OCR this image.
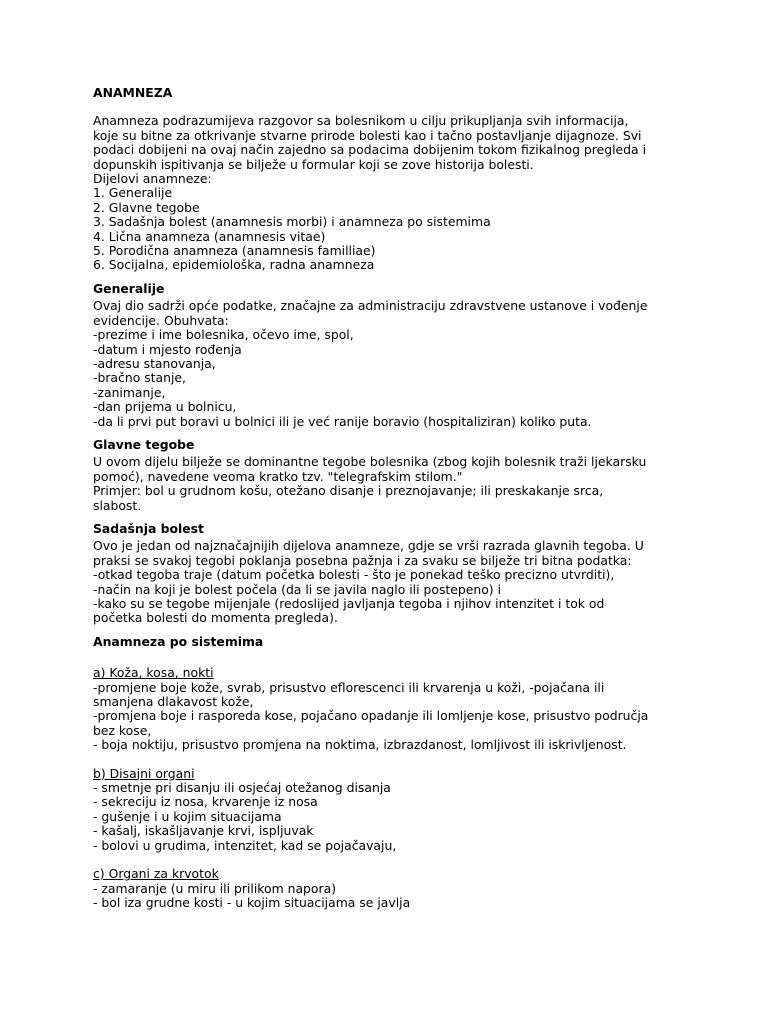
ANAMNEZA
Anamneza podrazumijeva razgovor sa bolesnikom u cilju prikupljanja svih informacija,
koje su bitne za otkrivanje stvarne prirode bolesti kao i tačno postavljanje dijagnoze. Svi
podaci dobijeni na ovaj način zajedno sa podacima dobijenim tokom fizikalnog pregleda i
dopunskih ispitivanja se bilježe u formular koji se zove historija bolesti.
Dijelovi anamneze:
1. Generalije
2. Glavne tegobe
3. Sadašnja bolest (anamnesis morbi) i anamneza po sistemima
4. Lična anamneza (anamnesis vitae)
5. Porodična anamneza (anamnesis familliae)
6. Socijalna, epidemiološka, radna anamneza
Generalije
Ovaj dio sadrži opće podatke, značajne za administraciju zdravstvene ustanove i vođenje
evidencije. Obuhvata:
-prezime i ime bolesnika, očevo ime, spol,
-datum i mjesto rođenja
-adresu stanovanja,
-bračno stanje,
-zanimanje,
-dan prijema u bolnicu,
-da li prvi put boravi u bolnici ili je već ranije boravio (hospitaliziran) koliko puta.
Glavne tegobe
U ovom dijelu bilježe se dominantne tegobe bolesnika (zbog kojih bolesnik traži ljekarsku
pomoć), navedene veoma kratko tzv. "telegrafskim stilom."
Primjer: bol u grudnom košu, otežano disanje i preznojavanje; ili preskakanje srca,
slabost.
Sadašnja bolest
Ovo je jedan od najznačajnijih dijelova anamneze, gdje se vrši razrada glavnih tegoba. U
praksi se svakoj tegobi poklanja posebna pažnja i za svaku se bilježe tri bitna podatka:
-otkad tegoba traje (datum početka bolesti - što je ponekad teško precizno utvrditi),
-način na koji je bolest počela (da li se javila naglo ili postepeno) i
-kako su se tegobe mijenjale (redoslijed javljanja tegoba i njihov intenzitet i tok od
početka bolesti do momenta pregleda).
Anamneza po sistemima
a) Koža, kosa, nokti
-promjene boje kože, svrab, prisustvo eflorescenci ili krvarenja u koži, -pojačana ili
smanjena dlakavost kože,
-promjena boje i rasporeda kose, pojačano opadanje ili lomljenje kose, prisustvo područja
bez kose,
- boja noktiju, prisustvo promjena na noktima, izbrazdanost, lomljivost ili iskrivljenost.
b) Disajni organi
- smetnje pri disanju ili osjećaj otežanog disanja
- sekreciju iz nosa, krvarenje iz nosa
- gušenje i u kojim situacijama
- kašalj, iskašljavanje krvi, ispljuvak
- bolovi u grudima, intenzitet, kad se pojačavaju,
c) Organi za krvotok
- zamaranje (u miru ili prilikom napora)
- bol iza grudne kosti - u kojim situacijama se javlja
